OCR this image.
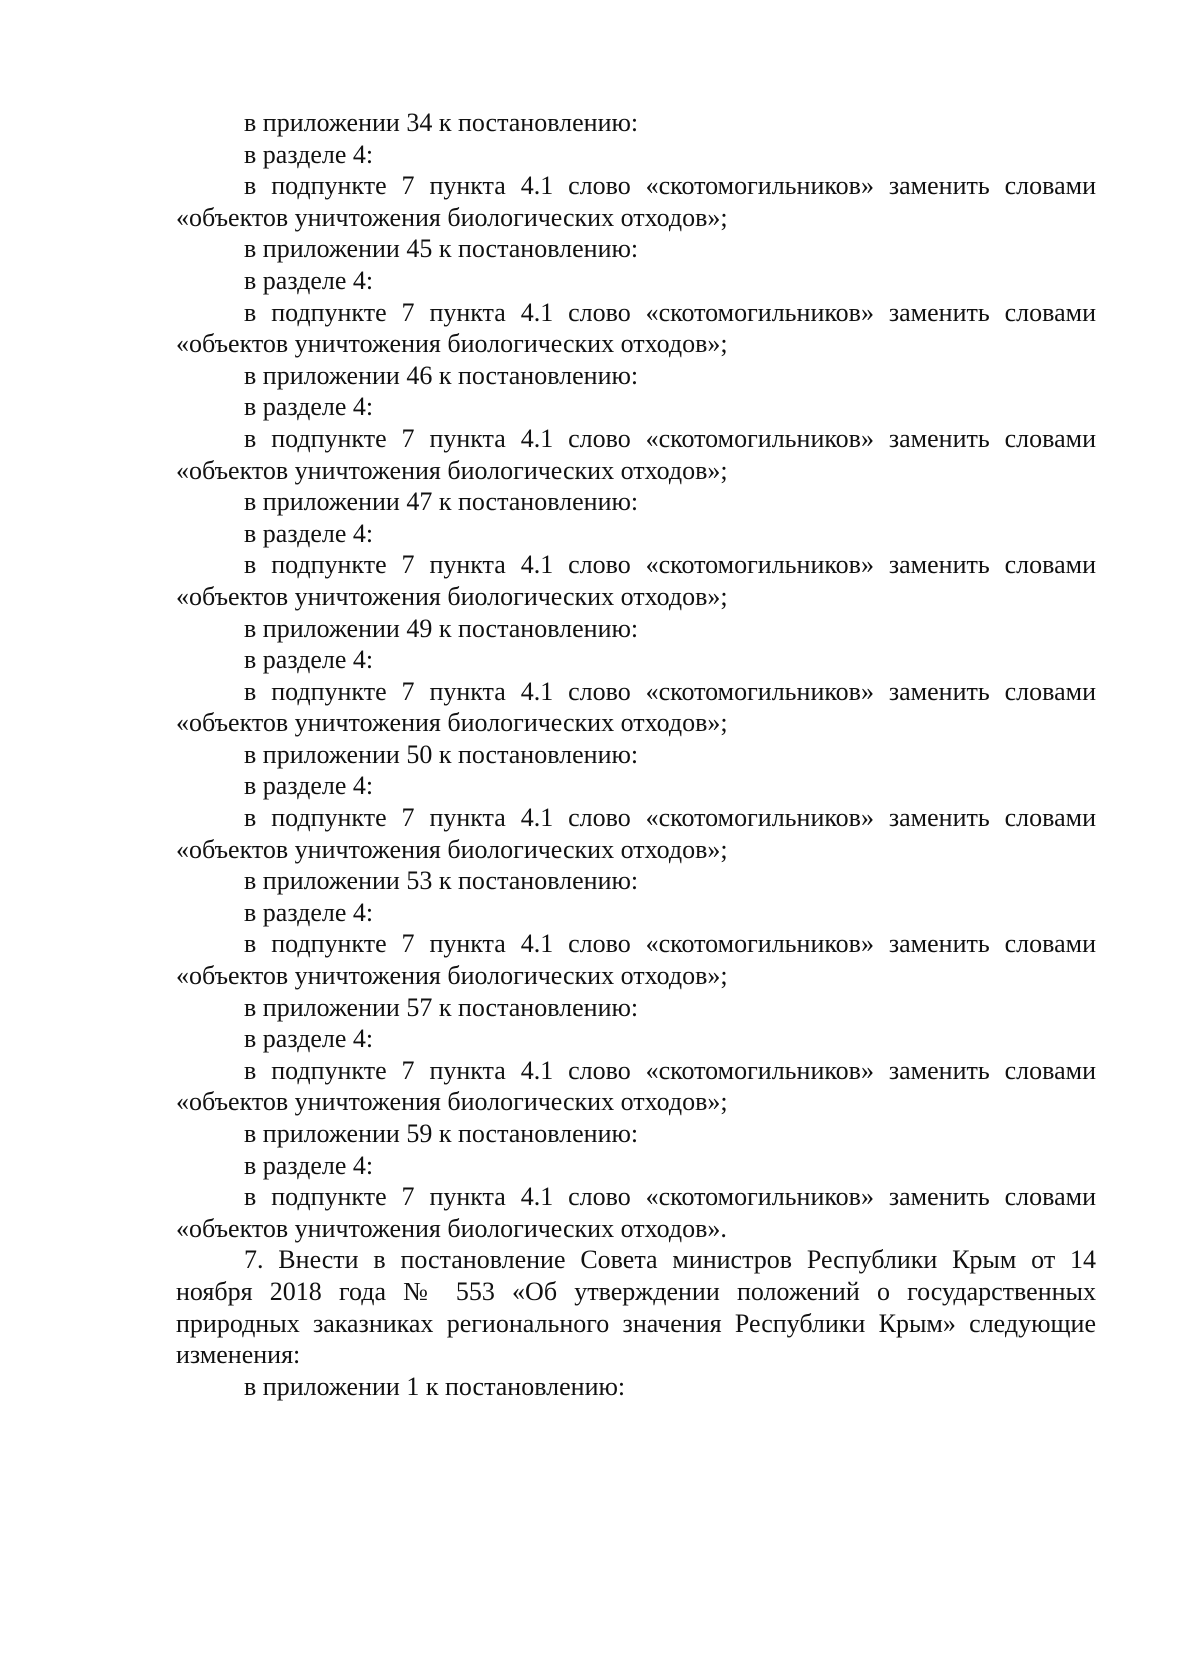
в приложении 34 к постановлению:

в разделе 4:

в подпункте 7 пункта 4.1 слово «скотомогильников» заменить словами «объектов уничтожения биологических отходов»;

в приложении 45 к постановлению:

в разделе 4:

в подпункте 7 пункта 4.1 слово «скотомогильников» заменить словами «объектов уничтожения биологических отходов»;

в приложении 46 к постановлению:

в разделе 4:

в подпункте 7 пункта 4.1 слово «скотомогильников» заменить словами «объектов уничтожения биологических отходов»;

в приложении 47 к постановлению:

в разделе 4:

в подпункте 7 пункта 4.1 слово «скотомогильников» заменить словами «объектов уничтожения биологических отходов»;

в приложении 49 к постановлению:

в разделе 4:

в подпункте 7 пункта 4.1 слово «скотомогильников» заменить словами «объектов уничтожения биологических отходов»;

в приложении 50 к постановлению:

в разделе 4:

в подпункте 7 пункта 4.1 слово «скотомогильников» заменить словами «объектов уничтожения биологических отходов»;

в приложении 53 к постановлению:

в разделе 4:

в подпункте 7 пункта 4.1 слово «скотомогильников» заменить словами «объектов уничтожения биологических отходов»;

в приложении 57 к постановлению:

в разделе 4:

в подпункте 7 пункта 4.1 слово «скотомогильников» заменить словами «объектов уничтожения биологических отходов»;

в приложении 59 к постановлению:

в разделе 4:

в подпункте 7 пункта 4.1 слово «скотомогильников» заменить словами «объектов уничтожения биологических отходов».

7. Внести в постановление Совета министров Республики Крым от 14 ноября 2018 года № 553 «Об утверждении положений о государственных природных заказниках регионального значения Республики Крым» следующие изменения:

в приложении 1 к постановлению:
